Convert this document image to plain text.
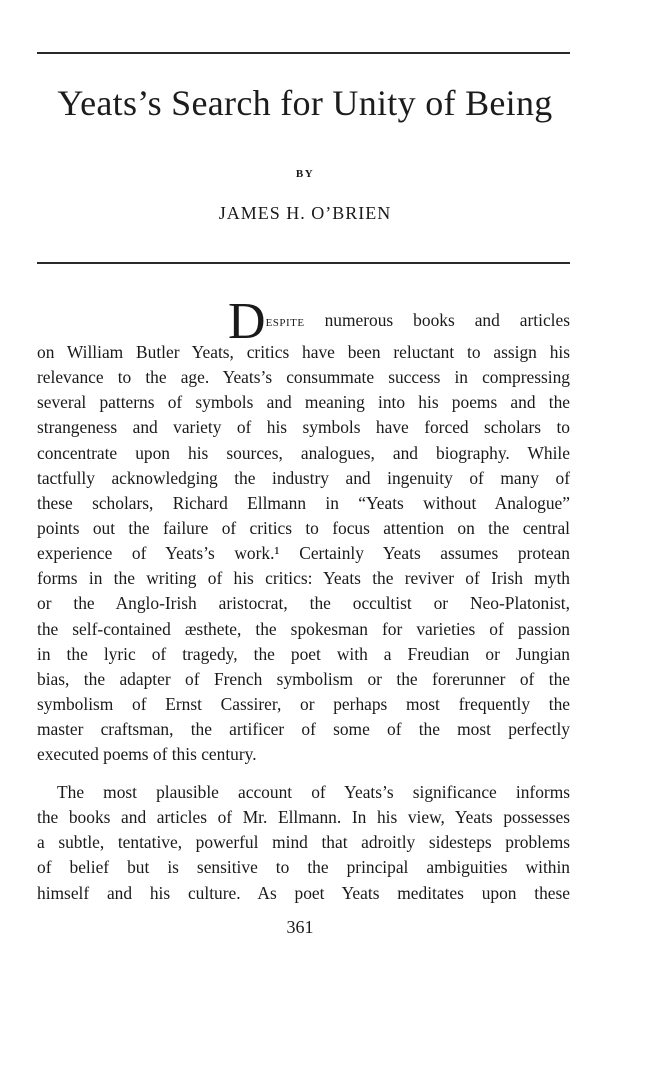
Yeats’s Search for Unity of Being
BY
JAMES H. O’BRIEN
Despite numerous books and articles
on William Butler Yeats, critics have been reluctant to assign his
relevance to the age. Yeats’s consummate success in compressing
several patterns of symbols and meaning into his poems and the
strangeness and variety of his symbols have forced scholars to
concentrate upon his sources, analogues, and biography. While
tactfully acknowledging the industry and ingenuity of many of
these scholars, Richard Ellmann in “Yeats without Analogue”
points out the failure of critics to focus attention on the central
experience of Yeats’s work.¹ Certainly Yeats assumes protean
forms in the writing of his critics: Yeats the reviver of Irish myth
or the Anglo-Irish aristocrat, the occultist or Neo-Platonist,
the self-contained æsthete, the spokesman for varieties of passion
in the lyric of tragedy, the poet with a Freudian or Jungian
bias, the adapter of French symbolism or the forerunner of the
symbolism of Ernst Cassirer, or perhaps most frequently the
master craftsman, the artificer of some of the most perfectly
executed poems of this century.
The most plausible account of Yeats’s significance informs
the books and articles of Mr. Ellmann. In his view, Yeats possesses
a subtle, tentative, powerful mind that adroitly sidesteps problems
of belief but is sensitive to the principal ambiguities within
himself and his culture. As poet Yeats meditates upon these
361
